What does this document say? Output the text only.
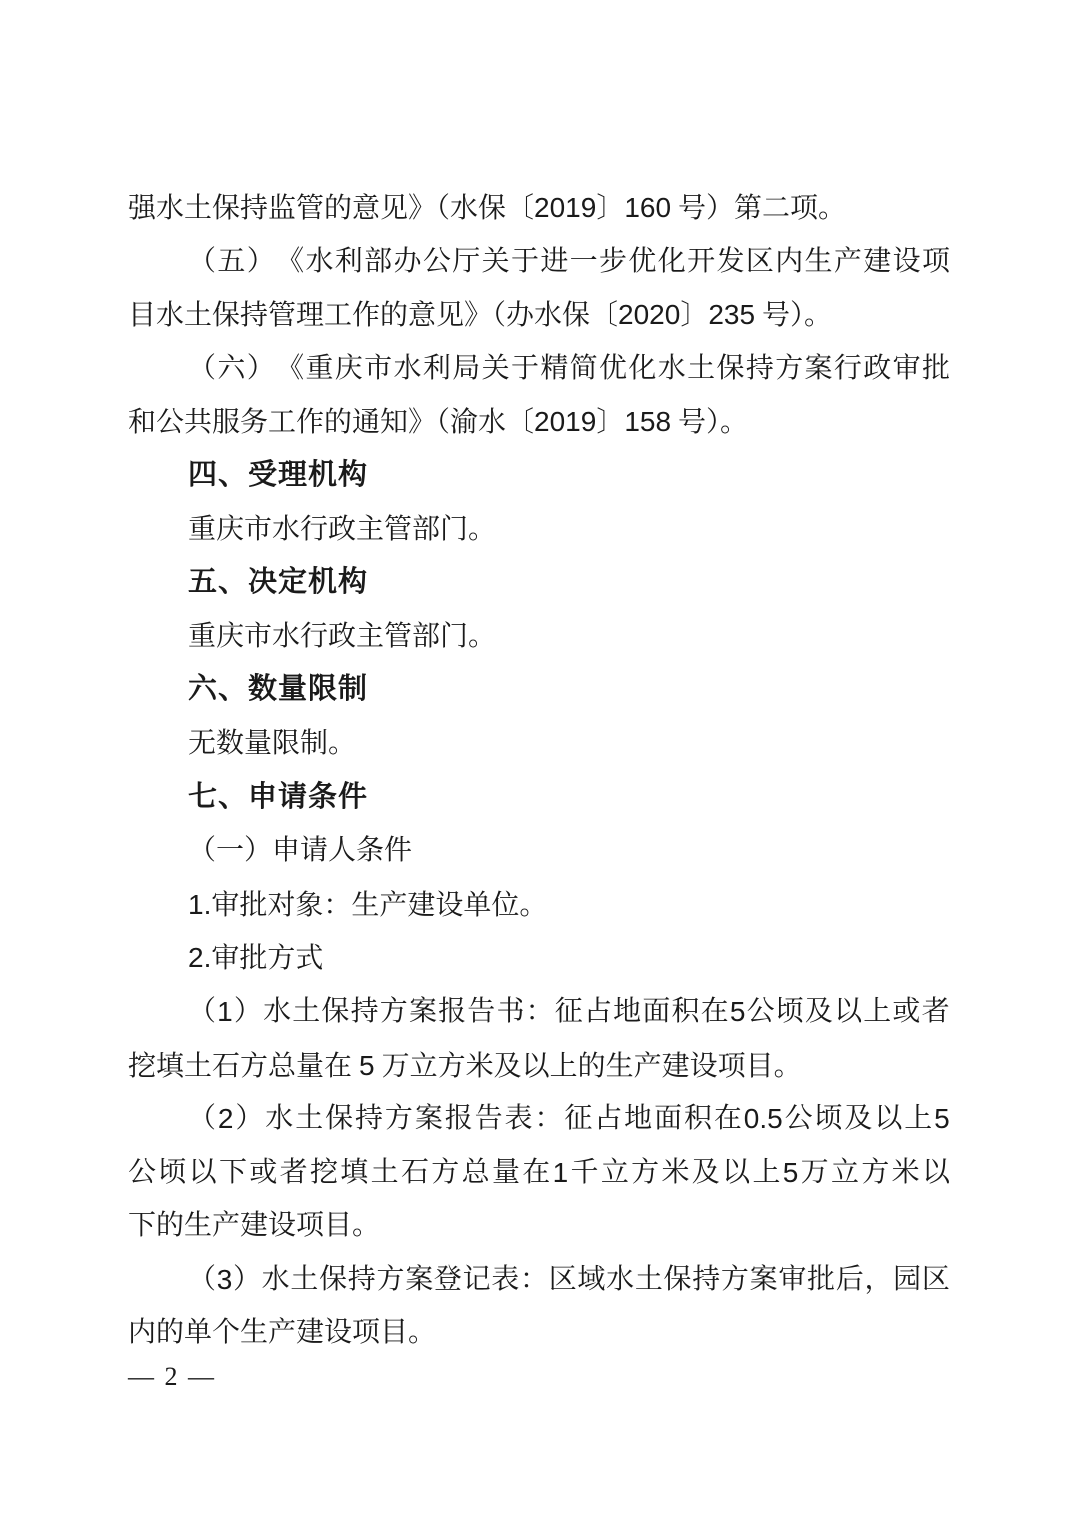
强水土保持监管的意见》（水保〔2019〕160 号）第二项。
（ 五 ） 《 水 利 部 办 公 厅 关 于 进 一 步 优 化 开 发 区 内 生 产 建 设 项
目水土保持管理工作的意见》（办水保〔2020〕235 号）。
（ 六 ） 《 重 庆 市 水 利 局 关 于 精 简 优 化 水 土 保 持 方 案 行 政 审 批
和公共服务工作的通知》（渝水〔2019〕158 号）。
四、受理机构
重庆市水行政主管部门。
五、决定机构
重庆市水行政主管部门。
六、数量限制
无数量限制。
七、申请条件
（一）申请人条件
1.审批对象：生产建设单位。
2.审批方式
（ 1 ） 水 土 保 持 方 案 报 告 书 ： 征 占 地 面 积 在 5 公 顷 及 以 上 或 者
挖填土石方总量在 5 万立方米及以上的生产建设项目。
（ 2 ） 水 土 保 持 方 案 报 告 表 ： 征 占 地 面 积 在 0.5 公 顷 及 以 上 5
公 顷 以 下 或 者 挖 填 土 石 方 总 量 在 1 千 立 方 米 及 以 上 5 万 立 方 米 以
下的生产建设项目。
（ 3 ） 水 土 保 持 方 案 登 记 表 ： 区 域 水 土 保 持 方 案 审 批 后 ， 园 区
内的单个生产建设项目。
— 2 —
